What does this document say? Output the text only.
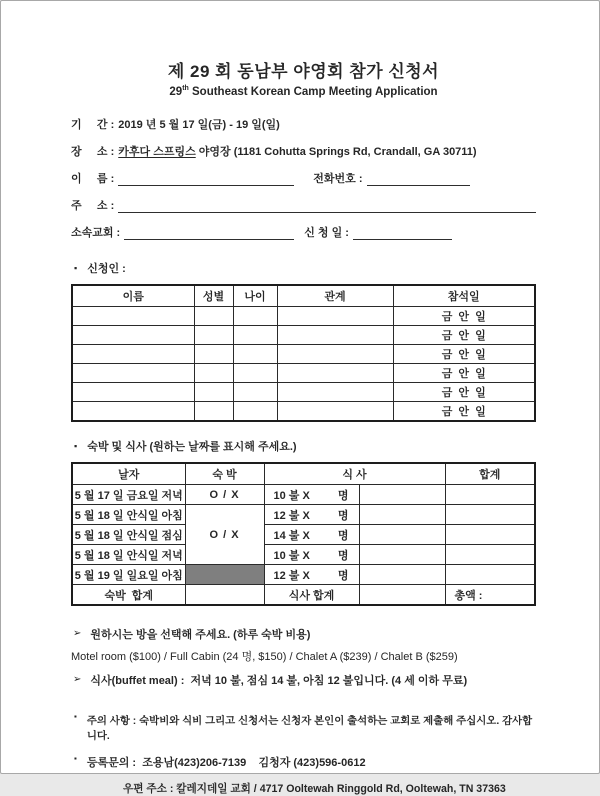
제 29 회 동남부 야영회 참가 신청서
29th Southeast Korean Camp Meeting Application
기     간 : 2019 년 5 월 17 일(금) - 19 일(일)
장     소 : 카후다 스프링스 야영장 (1181 Cohutta Springs Rd, Crandall, GA 30711)
이     름 :	전화번호 :
주     소 :
소속교회 :	신 청 일 :
▪ 신청인 :
이름	성별	나이	관계	참석일
				금  안  일
				금  안  일
				금  안  일
				금  안  일
				금  안  일
				금  안  일
▪ 숙박 및 식사 (원하는 날짜를 표시해 주세요.)
날자	숙 박	식 사		합계
5 월 17 일 금요일 저녁	O / X	10 불 X 명		

5 월 18 일 안식일 아침	O / X	12 불 X 명		

5 월 18 일 안식일 점심		14 불 X 명		

5 월 18 일 안식일 저녁		10 불 X 명		

5 월 19 일 일요일 아침		12 불 X 명		

숙박  합계		식사 합계		총액 :
➢ 원하시는 방을 선택해 주세요. (하루 숙박 비용)
Motel room ($100) / Full Cabin (24 명, $150) / Chalet A ($239) / Chalet B ($259)
➢ 식사(buffet meal) :  저녁 10 불, 점심 14 불, 아침 12 불입니다. (4 세 이하 무료)
▪ 주의 사항 : 숙박비와 식비 그리고 신청서는 신청자 본인이 출석하는 교회로 제출해 주십시오. 감사합니다.
▪ 등록문의 : 조용남(423)206-7139    김청자 (423)596-0612
우편 주소 : 칼레지데일 교회 / 4717 Ooltewah Ringgold Rd, Ooltewah, TN 37363
